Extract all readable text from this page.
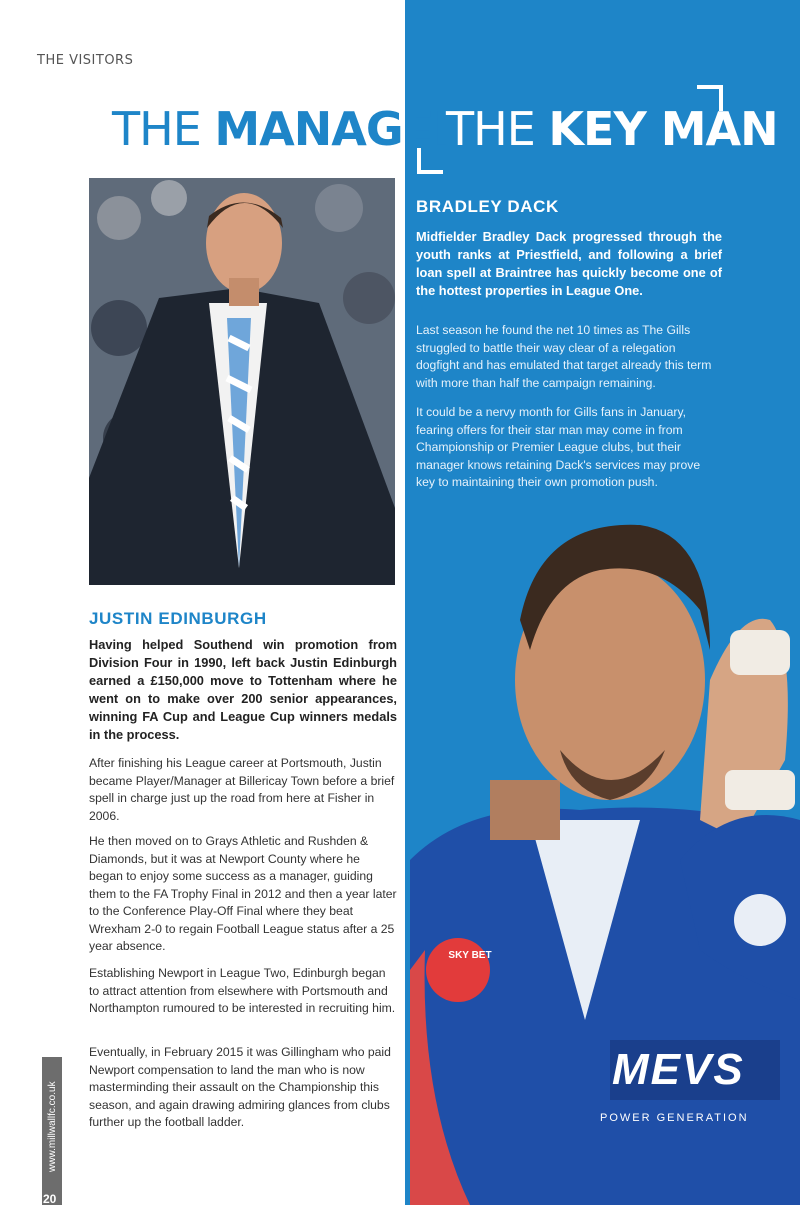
THE VISITORS
THE MANAGER
THE KEY MAN
JUSTIN EDINBURGH
Having helped Southend win promotion from Division Four in 1990, left back Justin Edinburgh earned a £150,000 move to Tottenham where he went on to make over 200 senior appearances, winning FA Cup and League Cup winners medals in the process.
After finishing his League career at Portsmouth, Justin became Player/Manager at Billericay Town before a brief spell in charge just up the road from here at Fisher in 2006.
He then moved on to Grays Athletic and Rushden & Diamonds, but it was at Newport County where he began to enjoy some success as a manager, guiding them to the FA Trophy Final in 2012 and then a year later to the Conference Play-Off Final where they beat Wrexham 2-0 to regain Football League status after a 25 year absence.
Establishing Newport in League Two, Edinburgh began to attract attention from elsewhere with Portsmouth and Northampton rumoured to be interested in recruiting him.
Eventually, in February 2015 it was Gillingham who paid Newport compensation to land the man who is now masterminding their assault on the Championship this season, and again drawing admiring glances from clubs further up the football ladder.
BRADLEY DACK
Midfielder Bradley Dack progressed through the youth ranks at Priestfield, and following a brief loan spell at Braintree has quickly become one of the hottest properties in League One.
Last season he found the net 10 times as The Gills struggled to battle their way clear of a relegation dogfight and has emulated that target already this term with more than half the campaign remaining.
It could be a nervy month for Gills fans in January, fearing offers for their star man may come in from Championship or Premier League clubs, but their manager knows retaining Dack's services may prove key to maintaining their own promotion push.
SKY BET
MEVS
POWER GENERATION
www.millwallfc.co.uk
20
